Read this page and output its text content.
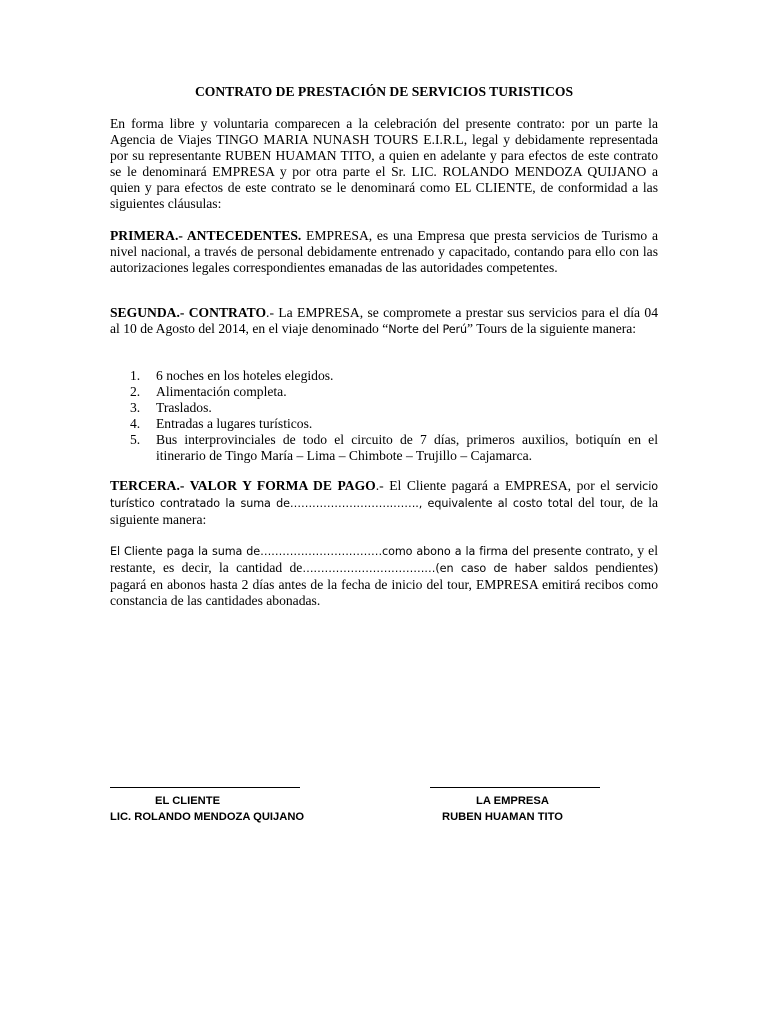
CONTRATO DE PRESTACIÓN DE SERVICIOS TURISTICOS

En forma libre y voluntaria comparecen a la celebración del presente contrato: por un parte la Agencia de Viajes TINGO MARIA NUNASH TOURS E.I.R.L, legal y debidamente representada por su representante RUBEN HUAMAN TITO, a quien en adelante y para efectos de este contrato se le denominará EMPRESA y por otra parte el Sr. LIC. ROLANDO MENDOZA QUIJANO a quien y para efectos de este contrato se le denominará como EL CLIENTE, de conformidad a las siguientes cláusulas:

PRIMERA.- ANTECEDENTES. EMPRESA, es una Empresa que presta servicios de Turismo a nivel nacional, a través de personal debidamente entrenado y capacitado, contando para ello con las autorizaciones legales correspondientes emanadas de las autoridades competentes.

SEGUNDA.- CONTRATO.- La EMPRESA, se compromete a prestar sus servicios para el día 04 al 10 de Agosto del 2014, en el viaje denominado “Norte del Perú” Tours de la siguiente manera:

1. 6 noches en los hoteles elegidos.
2. Alimentación completa.
3. Traslados.
4. Entradas a lugares turísticos.
5. Bus interprovinciales de todo el circuito de 7 días, primeros auxilios, botiquín en el itinerario de Tingo María – Lima – Chimbote – Trujillo – Cajamarca.

TERCERA.- VALOR Y FORMA DE PAGO.- El Cliente pagará a EMPRESA, por el servicio turístico contratado la suma de……………………….……., equivalente al costo total del tour, de la siguiente manera:

El Cliente paga la suma de……………………………como abono a la firma del presente contrato, y el restante, es decir, la cantidad de………………………………(en caso de haber saldos pendientes) pagará en abonos hasta 2 días antes de la fecha de inicio del tour, EMPRESA emitirá recibos como constancia de las cantidades abonadas.

EL CLIENTE
LIC. ROLANDO MENDOZA QUIJANO
LA EMPRESA
RUBEN HUAMAN TITO
